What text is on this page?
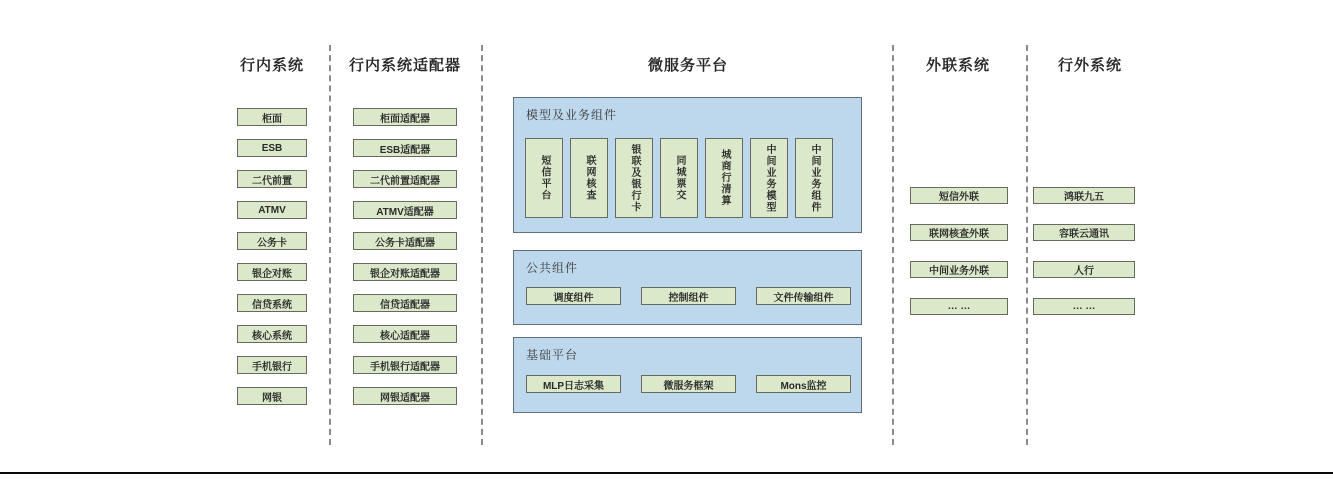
行内系统	行内系统适配器	微服务平台	外联系统	行外系统
柜面
ESB
二代前置
ATMV
公务卡
银企对账
信贷系统
核心系统
手机银行
网银
柜面适配器
ESB适配器
二代前置适配器
ATMV适配器
公务卡适配器
银企对账适配器
信贷适配器
核心适配器
手机银行适配器
网银适配器
模型及业务组件
短信平台	联网核查	银联及银行卡	同城票交	城商行清算	中间业务模型	中间业务组件
公共组件
调度组件	控制组件	文件传输组件
基础平台
MLP日志采集	微服务框架	Mons监控
短信外联
联网核查外联
中间业务外联
… …
鸿联九五
容联云通讯
人行
… …
